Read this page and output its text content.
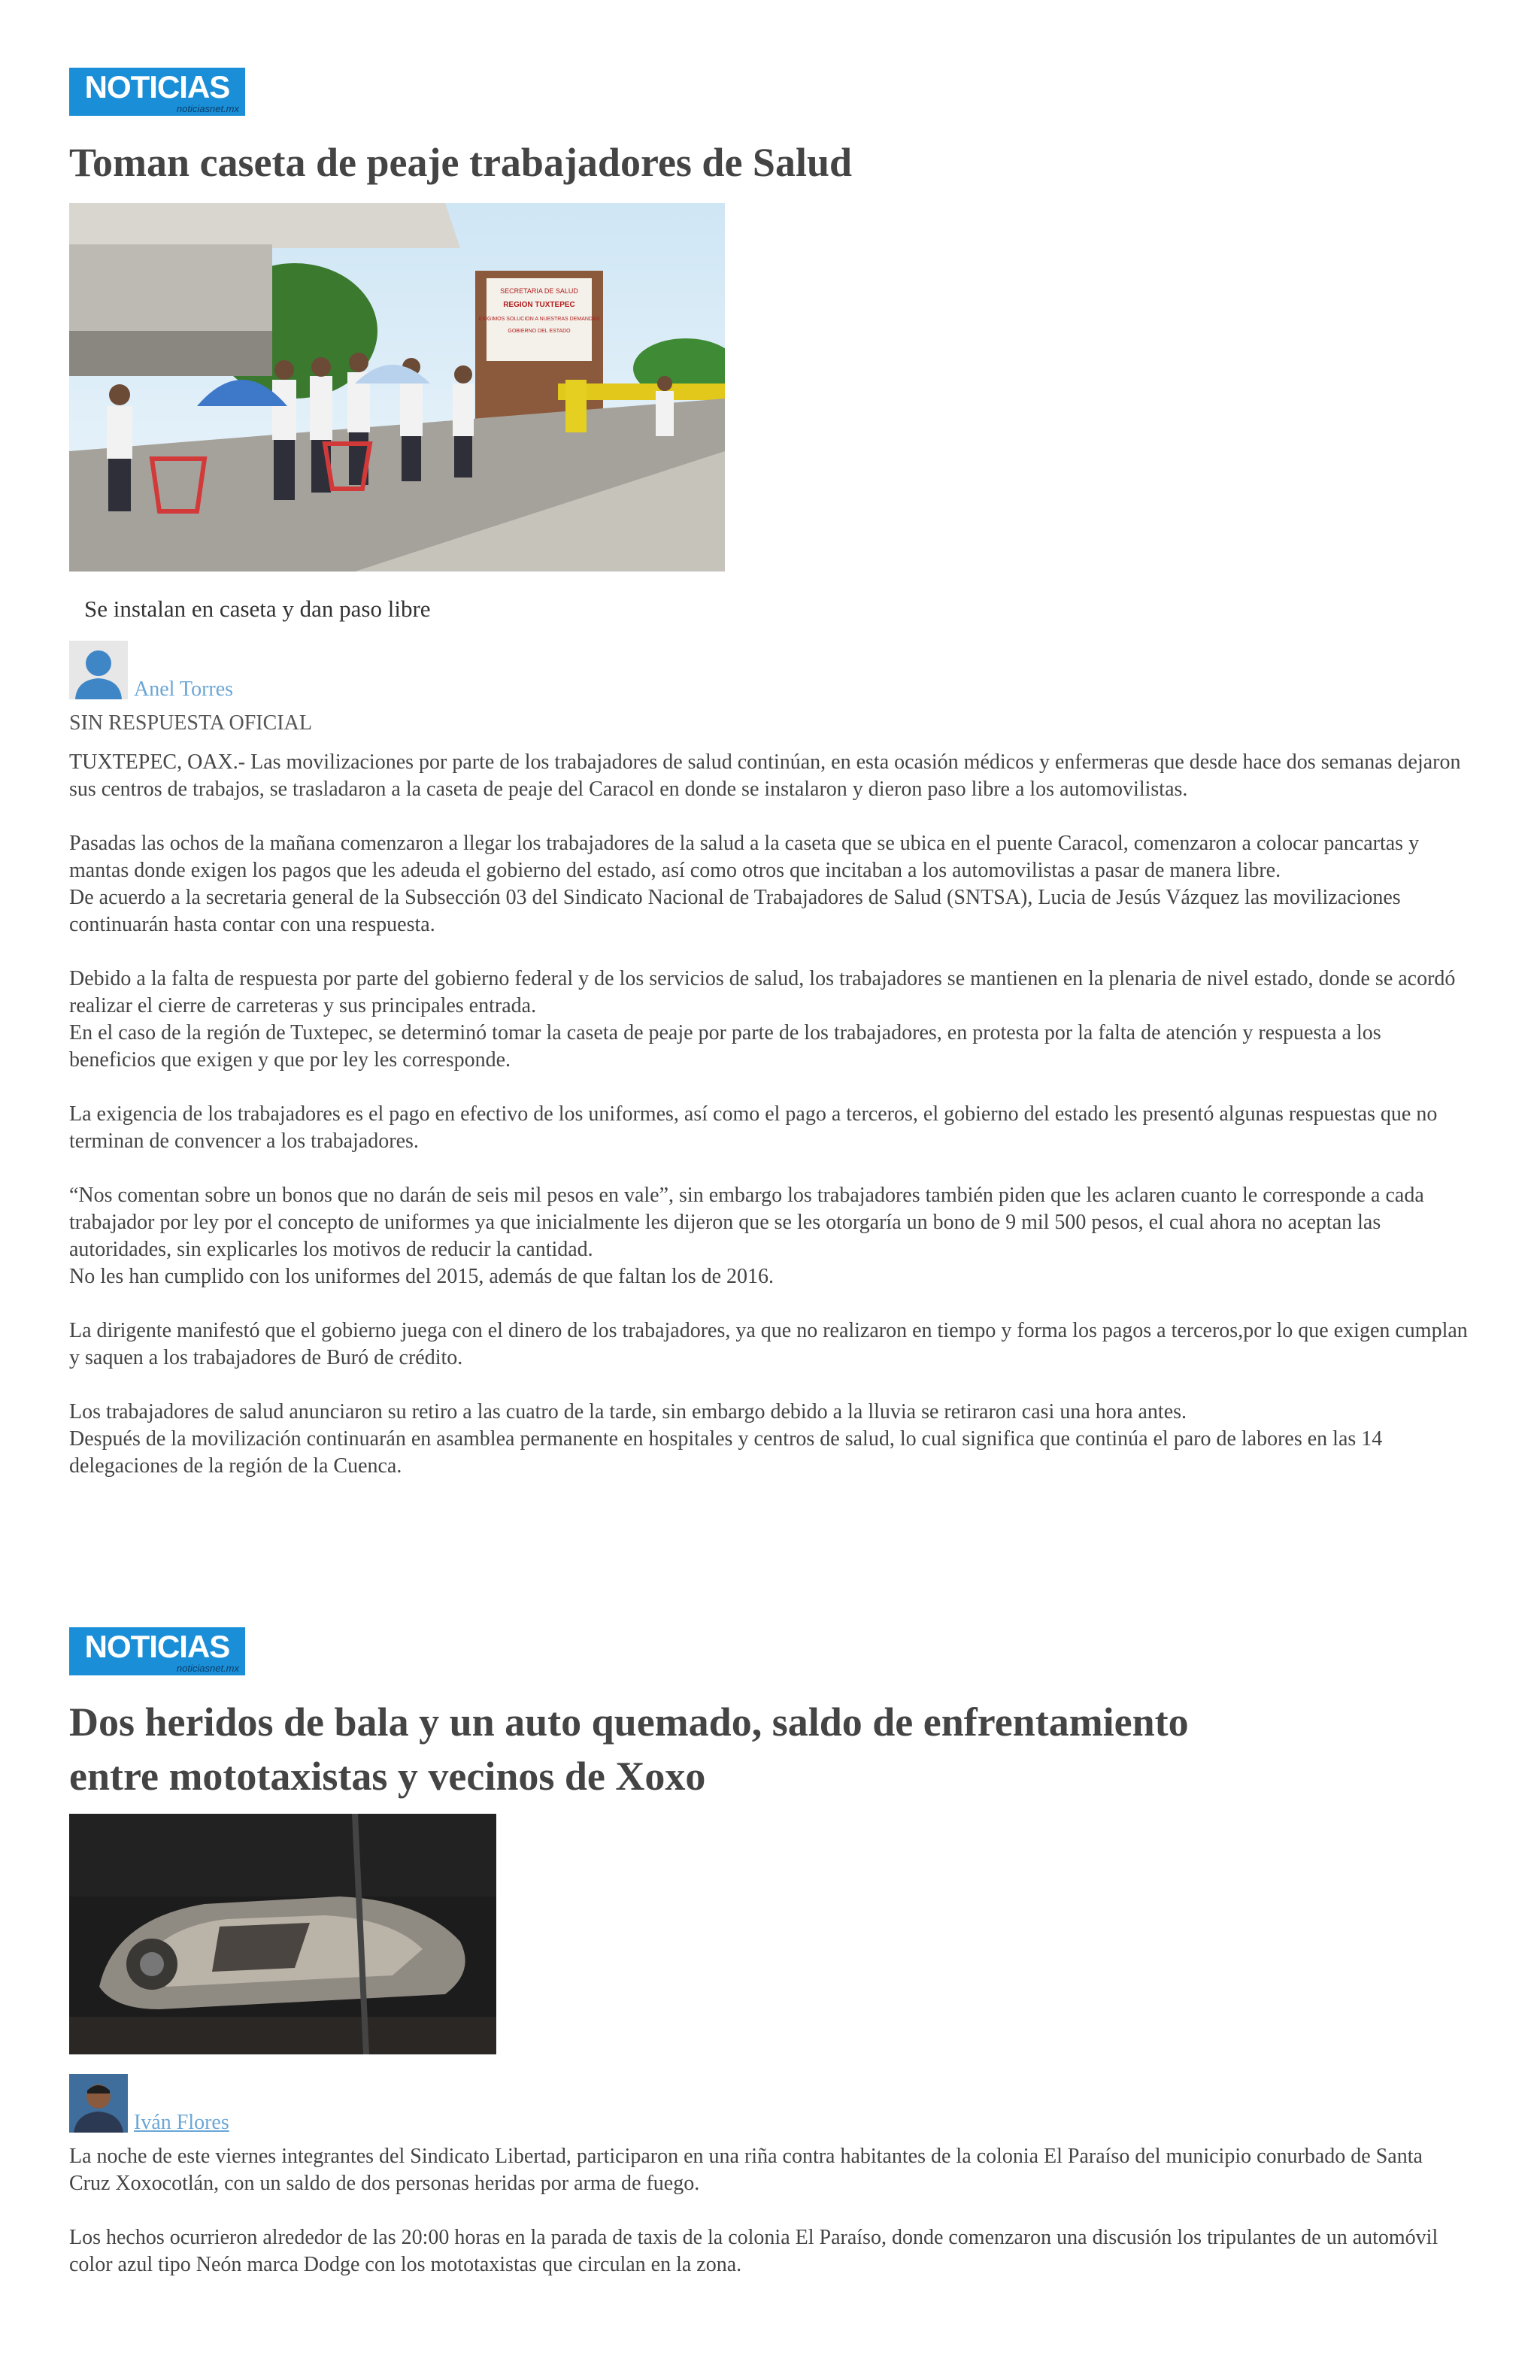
NOTICIAS
noticiasnet.mx
Toman caseta de peaje trabajadores de Salud
SECRETARIA DE SALUD
REGION TUXTEPEC
EXIGIMOS SOLUCION A NUESTRAS DEMANDAS
GOBIERNO DEL ESTADO
Se instalan en caseta y dan paso libre
Anel Torres
SIN RESPUESTA OFICIAL

TUXTEPEC, OAX.- Las movilizaciones por parte de los trabajadores de salud continúan, en esta ocasión médicos y enfermeras que desde hace dos semanas dejaron sus centros de trabajos, se trasladaron a la caseta de peaje del Caracol en donde se instalaron y dieron paso libre a los automovilistas.

Pasadas las ochos de la mañana comenzaron a llegar los trabajadores de la salud a la caseta que se ubica en el puente Caracol, comenzaron a colocar pancartas y mantas donde exigen los pagos que les adeuda el gobierno del estado, así como otros que incitaban a los automovilistas a pasar de manera libre.

De acuerdo a la secretaria general de la Subsección 03 del Sindicato Nacional de Trabajadores de Salud (SNTSA), Lucia de Jesús Vázquez las movilizaciones continuarán hasta contar con una respuesta.

Debido a la falta de respuesta por parte del gobierno federal y de los servicios de salud, los trabajadores se mantienen en la plenaria de nivel estado, donde se acordó realizar el cierre de carreteras y sus principales entrada.

En el caso de la región de Tuxtepec, se determinó tomar la caseta de peaje por parte de los trabajadores, en protesta por la falta de atención y respuesta a los beneficios que exigen y que por ley les corresponde.

La exigencia de los trabajadores es el pago en efectivo de los uniformes, así como el pago a terceros, el gobierno del estado les presentó algunas respuestas que no terminan de convencer a los trabajadores.

“Nos comentan sobre un bonos que no darán de seis mil pesos en vale”, sin embargo los trabajadores también piden que les aclaren cuanto le corresponde a cada trabajador por ley por el concepto de uniformes ya que inicialmente les dijeron que se les otorgaría un bono de 9 mil 500 pesos, el cual ahora no aceptan las autoridades, sin explicarles los motivos de reducir la cantidad.

No les han cumplido con los uniformes del 2015, además de que faltan los de 2016.

La dirigente manifestó que el gobierno juega con el dinero de los trabajadores, ya que no realizaron en tiempo y forma los pagos a terceros,por lo que exigen cumplan y saquen a los trabajadores de Buró de crédito.

Los trabajadores de salud anunciaron su retiro a las cuatro de la tarde, sin embargo debido a la lluvia se retiraron casi una hora antes.

Después de la movilización continuarán en asamblea permanente en hospitales y centros de salud, lo cual significa que continúa el paro de labores en las 14 delegaciones de la región de la Cuenca.

NOTICIAS
noticiasnet.mx
Dos heridos de bala y un auto quemado, saldo de enfrentamiento
entre mototaxistas y vecinos de Xoxo
Iván Flores

La noche de este viernes integrantes del Sindicato Libertad, participaron en una riña contra habitantes de la colonia El Paraíso del municipio conurbado de Santa Cruz Xoxocotlán, con un saldo de dos personas heridas por arma de fuego.

Los hechos ocurrieron alrededor de las 20:00 horas en la parada de taxis de la colonia El Paraíso, donde comenzaron una discusión los tripulantes de un automóvil color azul tipo Neón marca Dodge con los mototaxistas que circulan en la zona.
